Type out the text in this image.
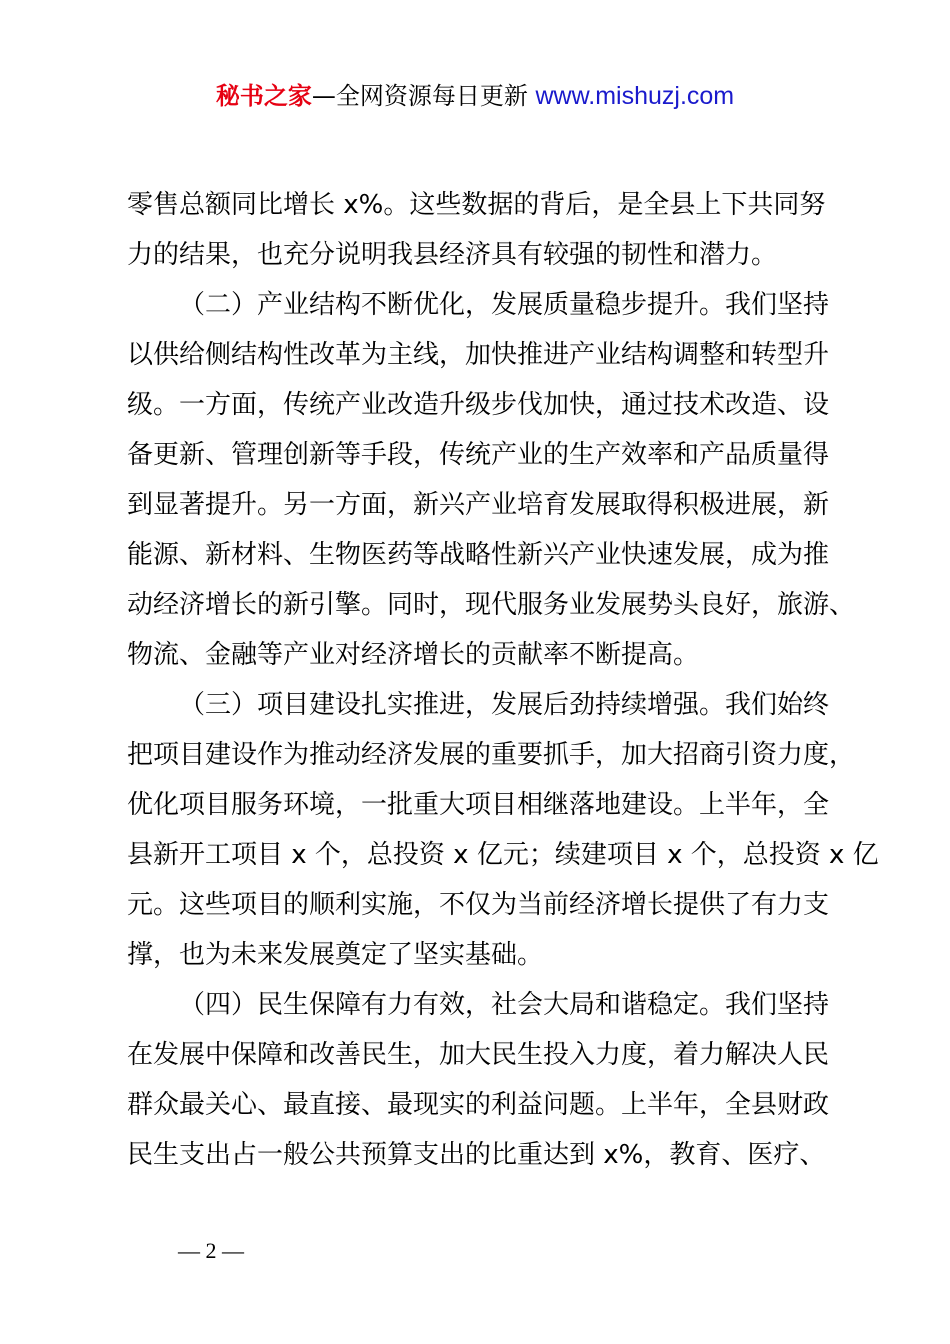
秘书之家—全网资源每日更新 www.mishuzj.com
零售总额同比增长 x%。这些数据的背后，是全县上下共同努
力的结果，也充分说明我县经济具有较强的韧性和潜力。
（二）产业结构不断优化，发展质量稳步提升。我们坚持
以供给侧结构性改革为主线，加快推进产业结构调整和转型升
级。一方面，传统产业改造升级步伐加快，通过技术改造、设
备更新、管理创新等手段，传统产业的生产效率和产品质量得
到显著提升。另一方面，新兴产业培育发展取得积极进展，新
能源、新材料、生物医药等战略性新兴产业快速发展，成为推
动经济增长的新引擎。同时，现代服务业发展势头良好，旅游、
物流、金融等产业对经济增长的贡献率不断提高。
（三）项目建设扎实推进，发展后劲持续增强。我们始终
把项目建设作为推动经济发展的重要抓手，加大招商引资力度，
优化项目服务环境，一批重大项目相继落地建设。上半年，全
县新开工项目 x 个，总投资 x 亿元；续建项目 x 个，总投资 x 亿
元。这些项目的顺利实施，不仅为当前经济增长提供了有力支
撑，也为未来发展奠定了坚实基础。
（四）民生保障有力有效，社会大局和谐稳定。我们坚持
在发展中保障和改善民生，加大民生投入力度，着力解决人民
群众最关心、最直接、最现实的利益问题。上半年，全县财政
民生支出占一般公共预算支出的比重达到 x%，教育、医疗、
— 2 —
